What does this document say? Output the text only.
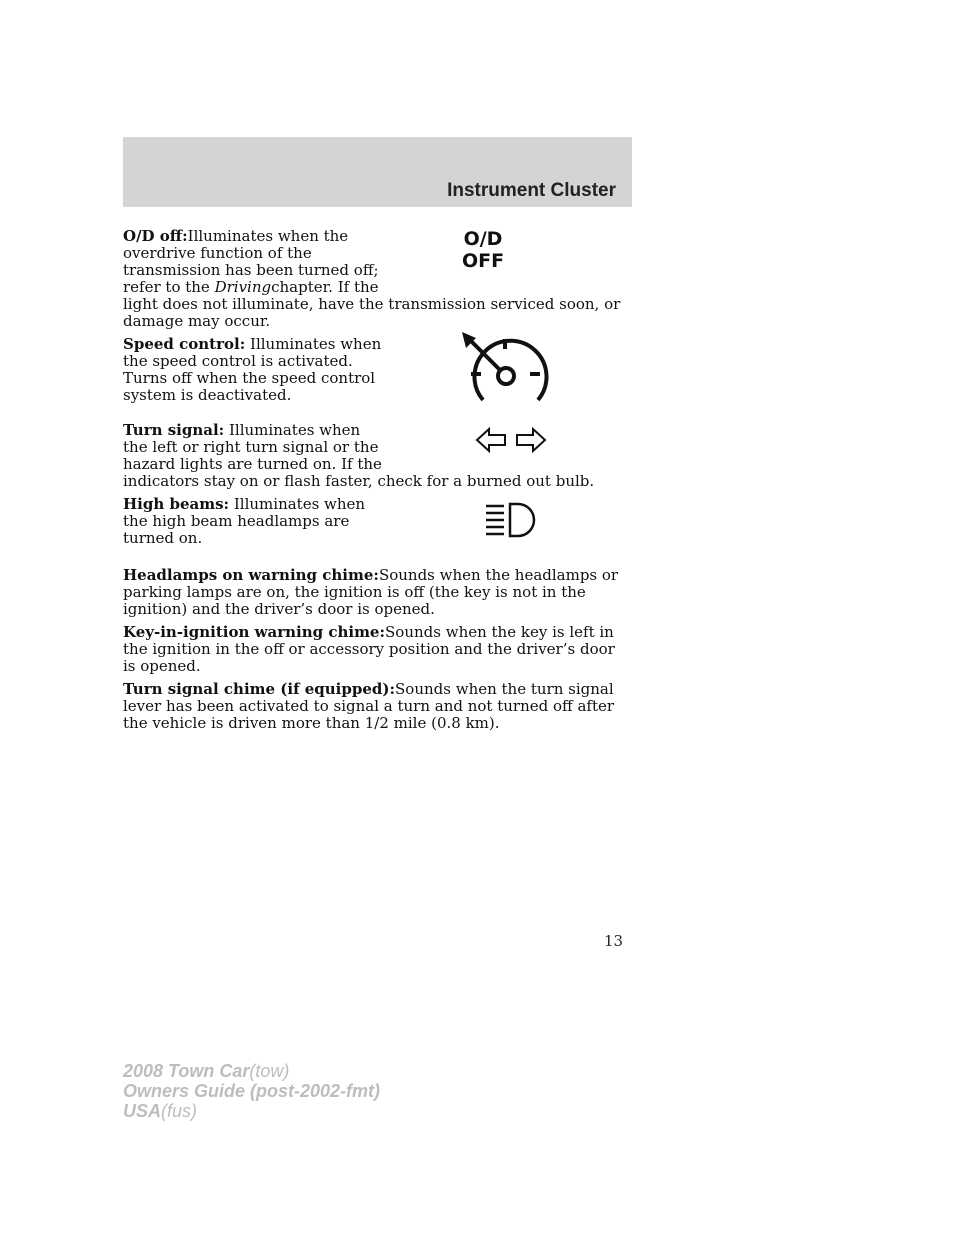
Instrument Cluster
O/D
OFF

O/D off:Illuminates when the
overdrive function of the
transmission has been turned off;
refer to the Drivingchapter. If the
light does not illuminate, have the transmission serviced soon, or damage may occur.

Speed control: Illuminates when the speed control is activated. Turns off when the speed control system is deactivated.

Turn signal: Illuminates when the left or right turn signal or the hazard lights are turned on. If the
indicators stay on or flash faster, check for a burned out bulb.

High beams: Illuminates when the high beam headlamps are turned on.

Headlamps on warning chime:Sounds when the headlamps or parking lamps are on, the ignition is off (the key is not in the ignition) and the driver’s door is opened.

Key-in-ignition warning chime:Sounds when the key is left in the ignition in the off or accessory position and the driver’s door is opened.

Turn signal chime (if equipped):Sounds when the turn signal lever has been activated to signal a turn and not turned off after the vehicle is driven more than 1/2 mile (0.8 km).

13
2008 Town Car(tow)
Owners Guide (post-2002-fmt)
USA(fus)
